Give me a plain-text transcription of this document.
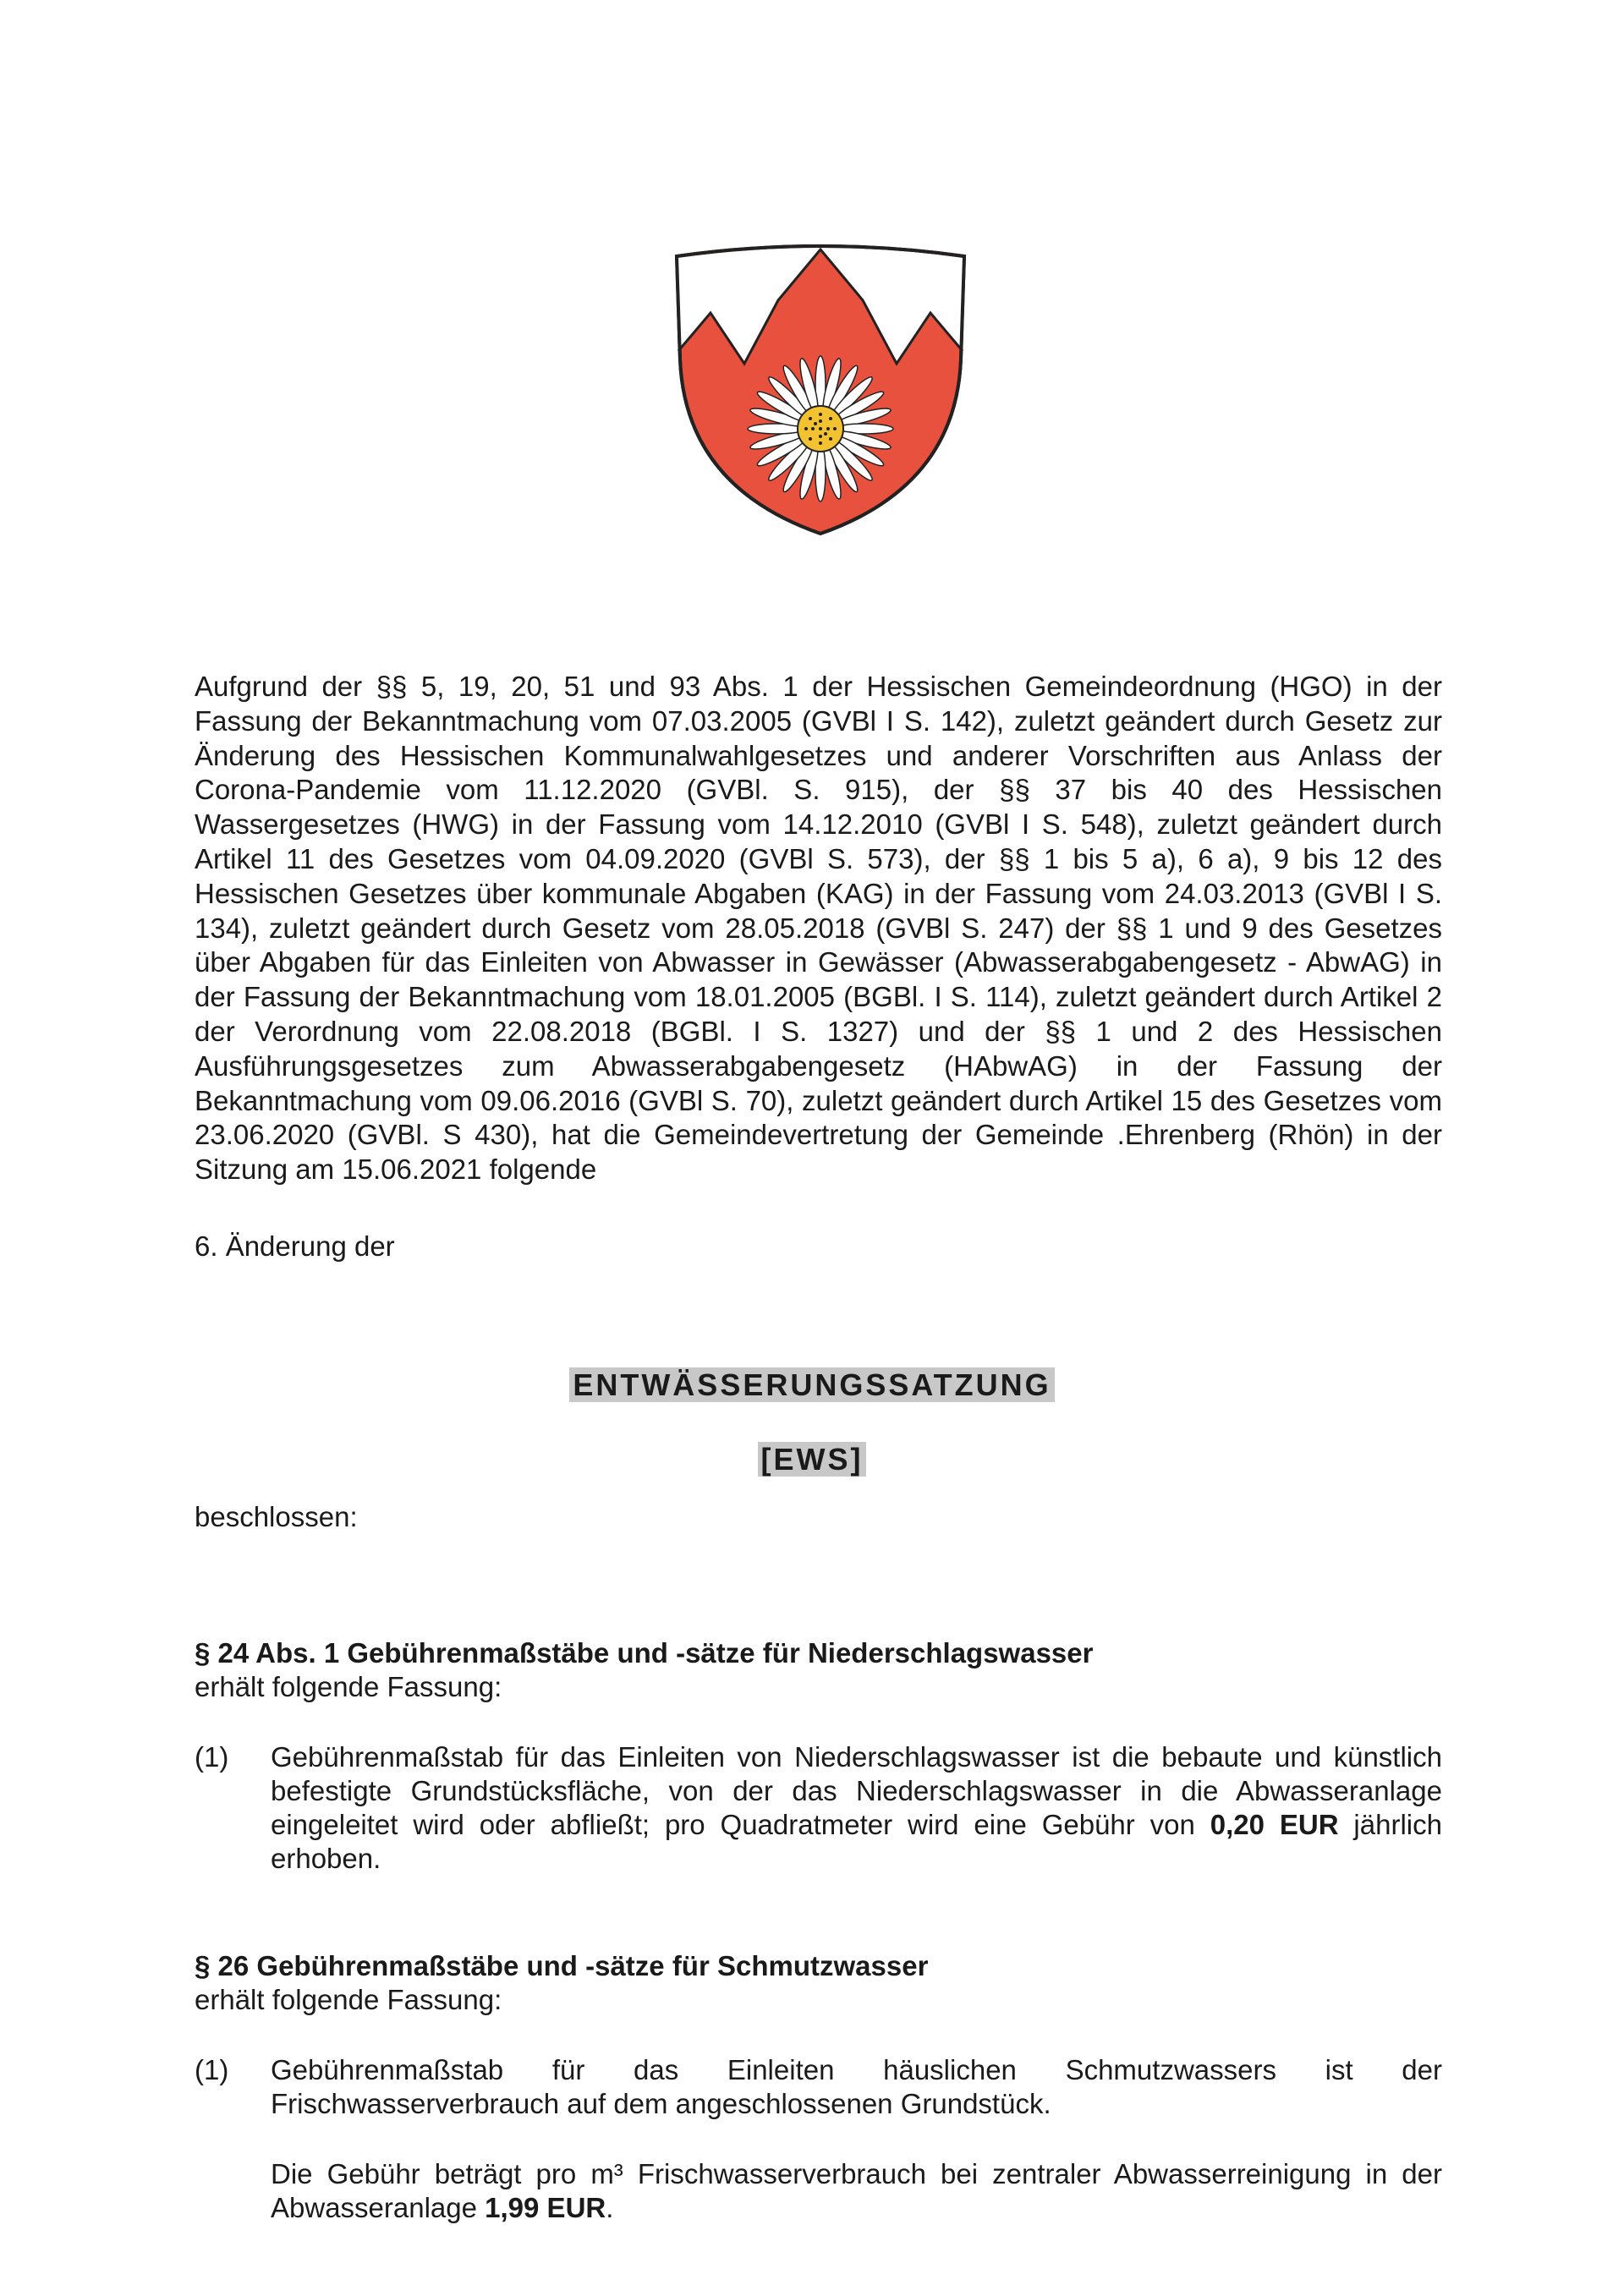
Aufgrund der §§ 5, 19, 20, 51 und 93 Abs. 1 der Hessischen Gemeindeordnung (HGO) in der Fassung der Bekanntmachung vom 07.03.2005 (GVBl I S. 142), zuletzt geändert durch Gesetz zur Änderung des Hessischen Kommunalwahlgesetzes und anderer Vorschriften aus Anlass der Corona-Pandemie vom 11.12.2020 (GVBl. S. 915), der §§ 37 bis 40 des Hessischen Wassergesetzes (HWG) in der Fassung vom 14.12.2010 (GVBl I S. 548), zuletzt geändert durch Artikel 11 des Gesetzes vom 04.09.2020 (GVBl S. 573), der §§ 1 bis 5 a), 6 a), 9 bis 12 des Hessischen Gesetzes über kommunale Abgaben (KAG) in der Fassung vom 24.03.2013 (GVBl I S. 134), zuletzt geändert durch Gesetz vom 28.05.2018 (GVBl S. 247) der §§ 1 und 9 des Gesetzes über Abgaben für das Einleiten von Abwasser in Gewässer (Abwasserabgabengesetz - AbwAG) in der Fassung der Bekanntmachung vom 18.01.2005 (BGBl. I S. 114), zuletzt geändert durch Artikel 2 der Verordnung vom 22.08.2018 (BGBl. I S. 1327) und der §§ 1 und 2 des Hessischen Ausführungsgesetzes zum Abwasserabgabengesetz (HAbwAG) in der Fassung der Bekanntmachung vom 09.06.2016 (GVBl S. 70), zuletzt geändert durch Artikel 15 des Gesetzes vom 23.06.2020 (GVBl. S 430), hat die Gemeindevertretung der Gemeinde .Ehrenberg (Rhön) in der Sitzung am 15.06.2021 folgende

6. Änderung der

ENTWÄSSERUNGSSATZUNG

[EWS]

beschlossen:

§ 24 Abs. 1 Gebührenmaßstäbe und -sätze für Niederschlagswasser
erhält folgende Fassung:
(1) Gebührenmaßstab für das Einleiten von Niederschlagswasser ist die bebaute und künstlich befestigte Grundstücksfläche, von der das Niederschlagswasser in die Abwasseranlage eingeleitet wird oder abfließt; pro Quadratmeter wird eine Gebühr von 0,20 EUR jährlich erhoben.
§ 26 Gebührenmaßstäbe und -sätze für Schmutzwasser
erhält folgende Fassung:
(1) Gebührenmaßstab für das Einleiten häuslichen Schmutzwassers ist der Frischwasserverbrauch auf dem angeschlossenen Grundstück.

Die Gebühr beträgt pro m³ Frischwasserverbrauch bei zentraler Abwasserreinigung in der Abwasseranlage 1,99 EUR.
